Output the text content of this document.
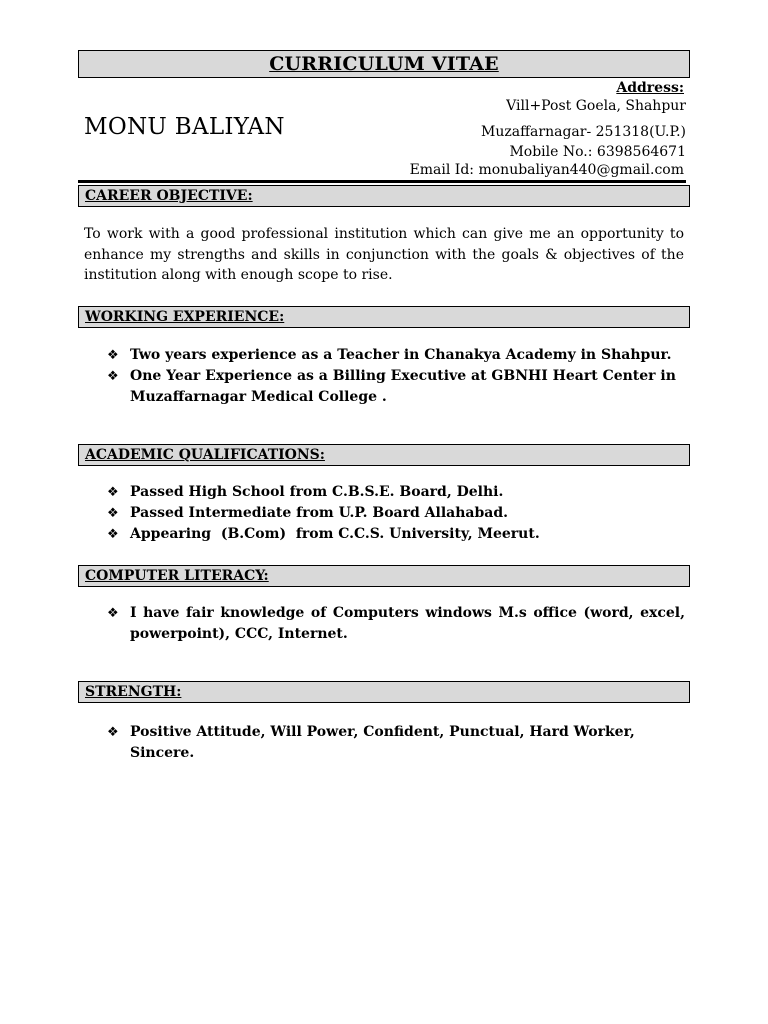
CURRICULUM VITAE
Address:
Vill+Post Goela, Shahpur
MONU BALIYAN	Muzaffarnagar- 251318(U.P.)
Mobile No.: 6398564671
Email Id: monubaliyan440@gmail.com
CAREER OBJECTIVE:
To work with a good professional institution which can give me an opportunity to enhance my strengths and skills in conjunction with the goals & objectives of the institution along with enough scope to rise.
WORKING EXPERIENCE:
❖ Two years experience as a Teacher in Chanakya Academy in Shahpur.
❖ One Year Experience as a Billing Executive at GBNHI Heart Center in Muzaffarnagar Medical College .
ACADEMIC QUALIFICATIONS:
❖ Passed High School from C.B.S.E. Board, Delhi.
❖ Passed Intermediate from U.P. Board Allahabad.
❖ Appearing  (B.Com)  from C.C.S. University, Meerut.
COMPUTER LITERACY:
❖ I have fair knowledge of Computers windows M.s office (word, excel, powerpoint), CCC, Internet.
STRENGTH:
❖ Positive Attitude, Will Power, Confident, Punctual, Hard Worker, Sincere.
